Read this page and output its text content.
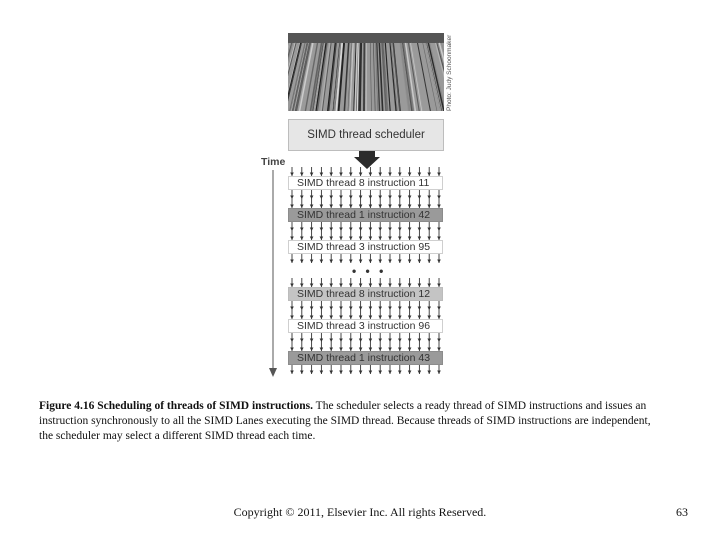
Photo: Judy Schoonmaker
SIMD thread scheduler
Time
SIMD thread 8 instruction 11
SIMD thread 1 instruction 42
SIMD thread 3 instruction 95
SIMD thread 8 instruction 12
SIMD thread 3 instruction 96
SIMD thread 1 instruction 43
• • •
Figure 4.16 Scheduling of threads of SIMD instructions. The scheduler selects a ready thread of SIMD instructions and issues an instruction synchronously to all the SIMD Lanes executing the SIMD thread. Because threads of SIMD instructions are independent, the scheduler may select a different SIMD thread each time.
Copyright © 2011, Elsevier Inc. All rights Reserved.	63
